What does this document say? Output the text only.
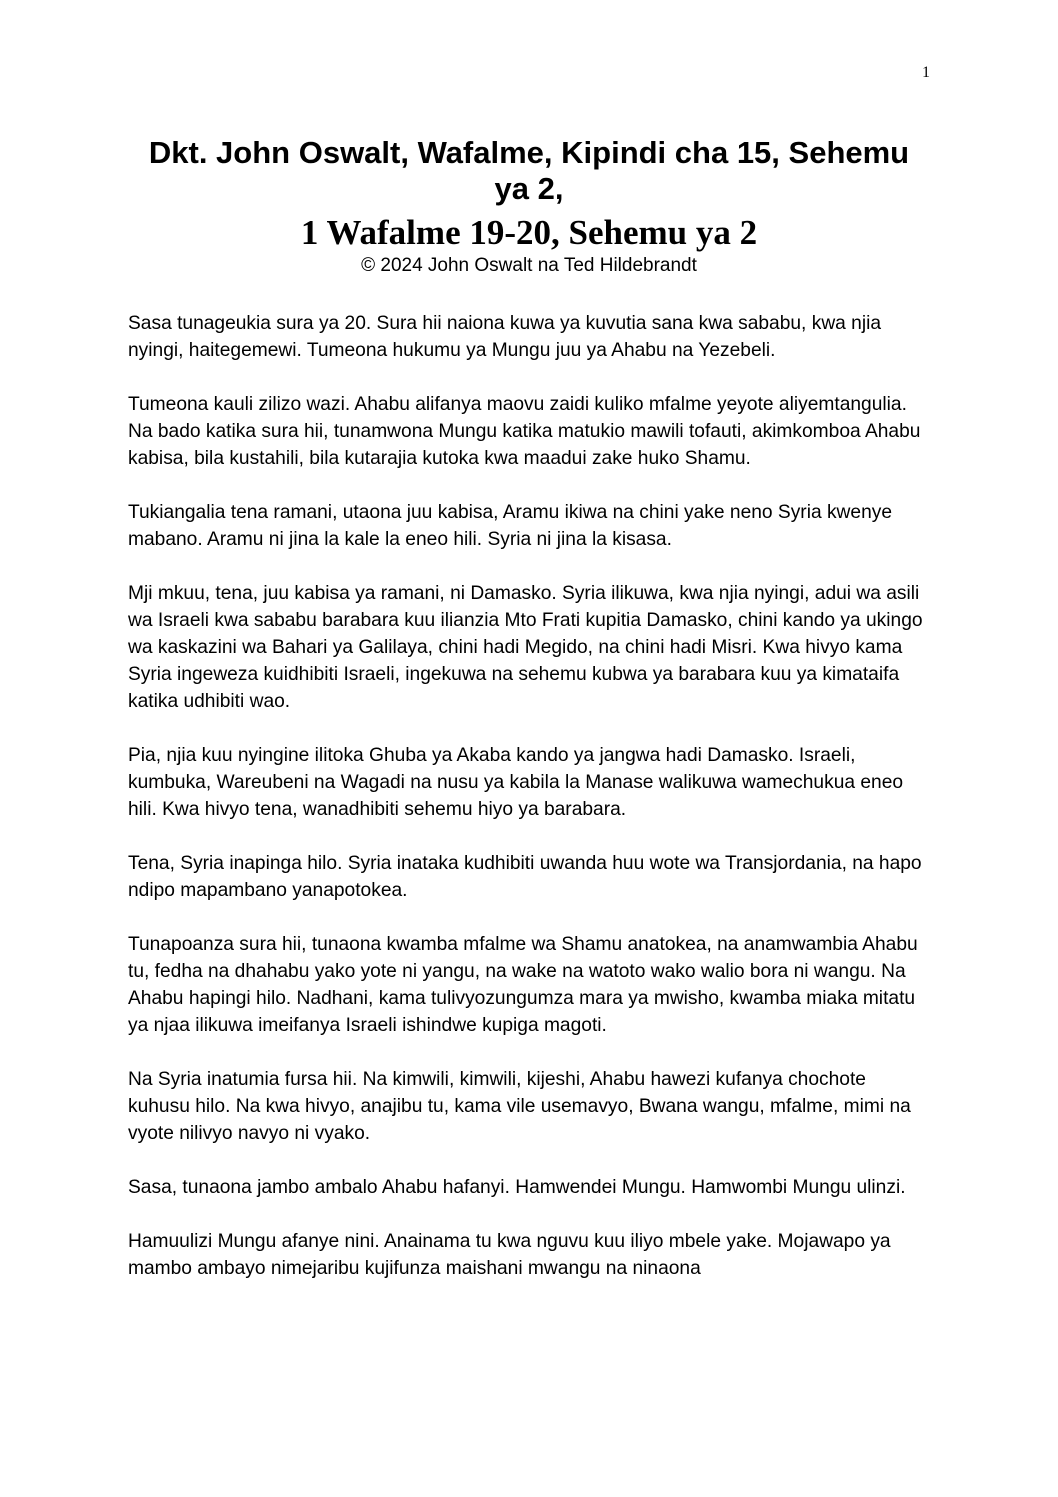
1
Dkt. John Oswalt, Wafalme, Kipindi cha 15, Sehemu ya 2,
1 Wafalme 19-20, Sehemu ya 2

© 2024 John Oswalt na Ted Hildebrandt

Sasa tunageukia sura ya 20. Sura hii naiona kuwa ya kuvutia sana kwa sababu, kwa njia nyingi, haitegemewi. Tumeona hukumu ya Mungu juu ya Ahabu na Yezebeli.

Tumeona kauli zilizo wazi. Ahabu alifanya maovu zaidi kuliko mfalme yeyote aliyemtangulia. Na bado katika sura hii, tunamwona Mungu katika matukio mawili tofauti, akimkomboa Ahabu kabisa, bila kustahili, bila kutarajia kutoka kwa maadui zake huko Shamu.

Tukiangalia tena ramani, utaona juu kabisa, Aramu ikiwa na chini yake neno Syria kwenye mabano. Aramu ni jina la kale la eneo hili. Syria ni jina la kisasa.

Mji mkuu, tena, juu kabisa ya ramani, ni Damasko. Syria ilikuwa, kwa njia nyingi, adui wa asili wa Israeli kwa sababu barabara kuu ilianzia Mto Frati kupitia Damasko, chini kando ya ukingo wa kaskazini wa Bahari ya Galilaya, chini hadi Megido, na chini hadi Misri. Kwa hivyo kama Syria ingeweza kuidhibiti Israeli, ingekuwa na sehemu kubwa ya barabara kuu ya kimataifa katika udhibiti wao.

Pia, njia kuu nyingine ilitoka Ghuba ya Akaba kando ya jangwa hadi Damasko. Israeli, kumbuka, Wareubeni na Wagadi na nusu ya kabila la Manase walikuwa wamechukua eneo hili. Kwa hivyo tena, wanadhibiti sehemu hiyo ya barabara.

Tena, Syria inapinga hilo. Syria inataka kudhibiti uwanda huu wote wa Transjordania, na hapo ndipo mapambano yanapotokea.

Tunapoanza sura hii, tunaona kwamba mfalme wa Shamu anatokea, na anamwambia Ahabu tu, fedha na dhahabu yako yote ni yangu, na wake na watoto wako walio bora ni wangu. Na Ahabu hapingi hilo. Nadhani, kama tulivyozungumza mara ya mwisho, kwamba miaka mitatu ya njaa ilikuwa imeifanya Israeli ishindwe kupiga magoti.

Na Syria inatumia fursa hii. Na kimwili, kimwili, kijeshi, Ahabu hawezi kufanya chochote kuhusu hilo. Na kwa hivyo, anajibu tu, kama vile usemavyo, Bwana wangu, mfalme, mimi na vyote nilivyo navyo ni vyako.

Sasa, tunaona jambo ambalo Ahabu hafanyi. Hamwendei Mungu. Hamwombi Mungu ulinzi.

Hamuulizi Mungu afanye nini. Anainama tu kwa nguvu kuu iliyo mbele yake. Mojawapo ya mambo ambayo nimejaribu kujifunza maishani mwangu na ninaona
